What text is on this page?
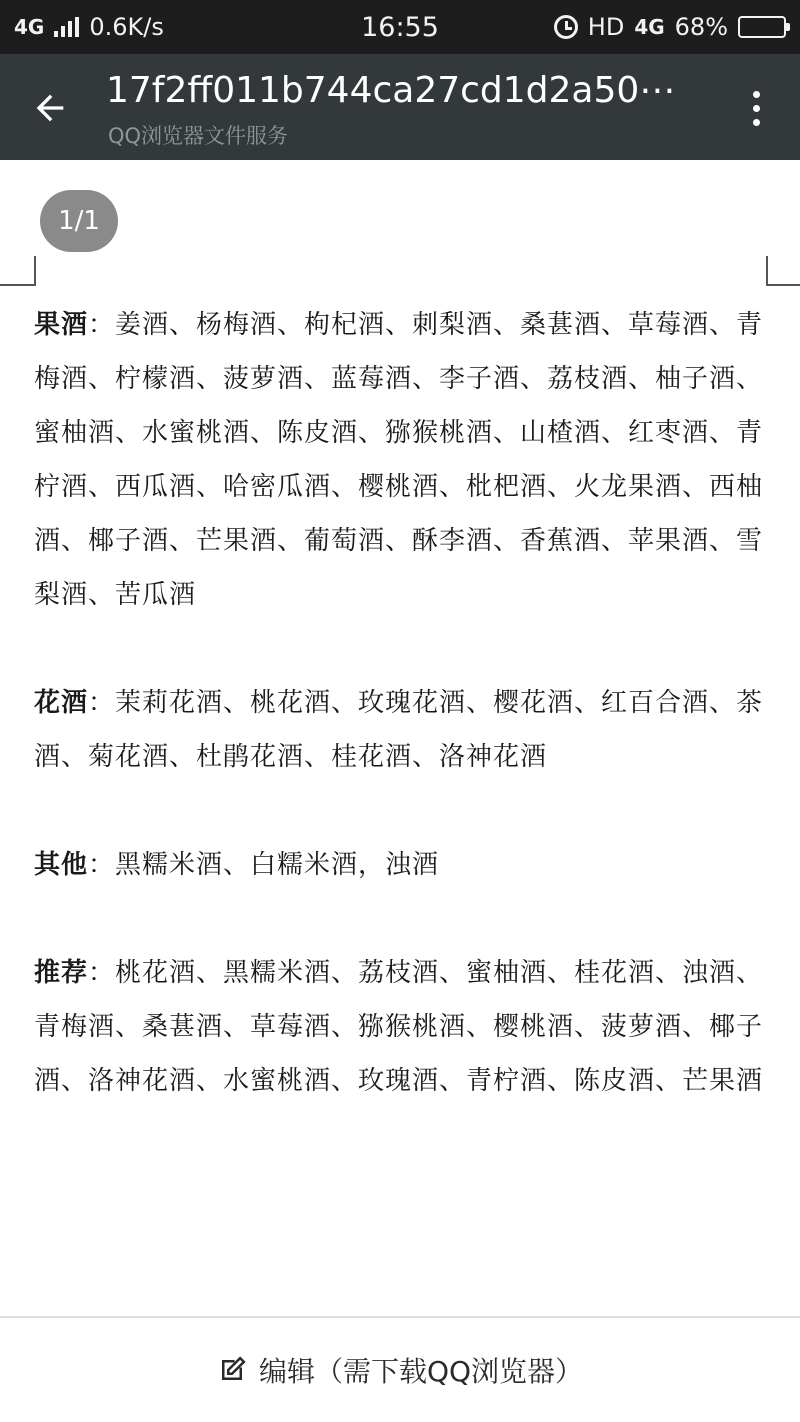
4G 0.6K/s	16:55	HD 4G 68%
17f2ff011b744ca27cd1d2a50⋯
QQ浏览器文件服务
1/1

果酒：姜酒、杨梅酒、枸杞酒、刺梨酒、桑葚酒、草莓酒、青梅酒、柠檬酒、菠萝酒、蓝莓酒、李子酒、荔枝酒、柚子酒、蜜柚酒、水蜜桃酒、陈皮酒、猕猴桃酒、山楂酒、红枣酒、青柠酒、西瓜酒、哈密瓜酒、樱桃酒、枇杷酒、火龙果酒、西柚酒、椰子酒、芒果酒、葡萄酒、酥李酒、香蕉酒、苹果酒、雪梨酒、苦瓜酒

花酒：茉莉花酒、桃花酒、玫瑰花酒、樱花酒、红百合酒、茶酒、菊花酒、杜鹃花酒、桂花酒、洛神花酒

其他：黑糯米酒、白糯米酒，浊酒

推荐：桃花酒、黑糯米酒、荔枝酒、蜜柚酒、桂花酒、浊酒、青梅酒、桑葚酒、草莓酒、猕猴桃酒、樱桃酒、菠萝酒、椰子酒、洛神花酒、水蜜桃酒、玫瑰酒、青柠酒、陈皮酒、芒果酒

编辑（需下载QQ浏览器）
